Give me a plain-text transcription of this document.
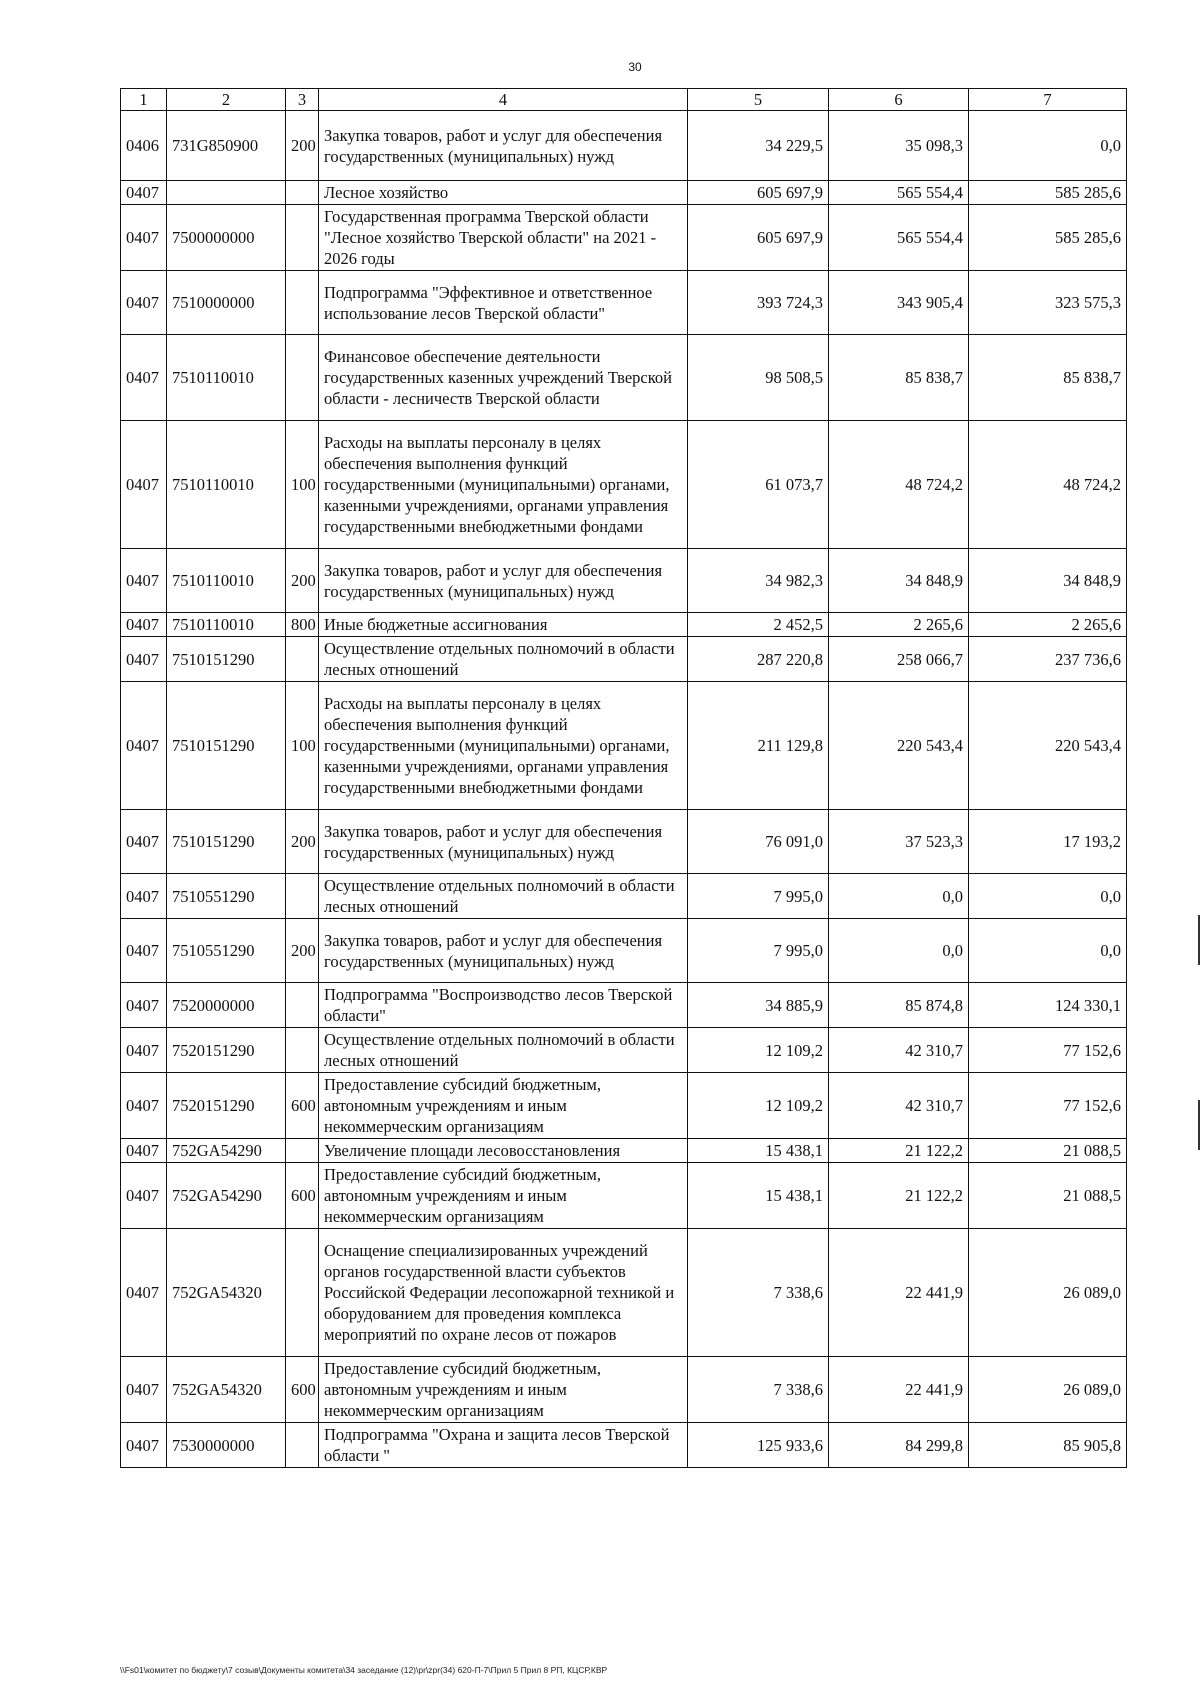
30
1	2	3	4	5	6	7
0406	731G850900	200	Закупка товаров, работ и услуг для обеспечения государственных (муниципальных) нужд	34 229,5	35 098,3	0,0
0407			Лесное хозяйство	605 697,9	565 554,4	585 285,6
0407	7500000000		Государственная программа Тверской области "Лесное хозяйство Тверской области" на 2021 - 2026 годы	605 697,9	565 554,4	585 285,6
0407	7510000000		Подпрограмма "Эффективное и ответственное использование лесов Тверской области"	393 724,3	343 905,4	323 575,3
0407	7510110010		Финансовое обеспечение деятельности государственных казенных учреждений Тверской области - лесничеств Тверской области	98 508,5	85 838,7	85 838,7
0407	7510110010	100	Расходы на выплаты персоналу в целях обеспечения выполнения функций государственными (муниципальными) органами, казенными учреждениями, органами управления государственными внебюджетными фондами	61 073,7	48 724,2	48 724,2
0407	7510110010	200	Закупка товаров, работ и услуг для обеспечения государственных (муниципальных) нужд	34 982,3	34 848,9	34 848,9
0407	7510110010	800	Иные бюджетные ассигнования	2 452,5	2 265,6	2 265,6
0407	7510151290		Осуществление отдельных полномочий в области лесных отношений	287 220,8	258 066,7	237 736,6
0407	7510151290	100	Расходы на выплаты персоналу в целях обеспечения выполнения функций государственными (муниципальными) органами, казенными учреждениями, органами управления государственными внебюджетными фондами	211 129,8	220 543,4	220 543,4
0407	7510151290	200	Закупка товаров, работ и услуг для обеспечения государственных (муниципальных) нужд	76 091,0	37 523,3	17 193,2
0407	7510551290		Осуществление отдельных полномочий в области лесных отношений	7 995,0	0,0	0,0
0407	7510551290	200	Закупка товаров, работ и услуг для обеспечения государственных (муниципальных) нужд	7 995,0	0,0	0,0
0407	7520000000		Подпрограмма "Воспроизводство лесов Тверской области"	34 885,9	85 874,8	124 330,1
0407	7520151290		Осуществление отдельных полномочий в области лесных отношений	12 109,2	42 310,7	77 152,6
0407	7520151290	600	Предоставление субсидий бюджетным, автономным учреждениям и иным некоммерческим организациям	12 109,2	42 310,7	77 152,6
0407	752GA54290		Увеличение площади лесовосстановления	15 438,1	21 122,2	21 088,5
0407	752GA54290	600	Предоставление субсидий бюджетным, автономным учреждениям и иным некоммерческим организациям	15 438,1	21 122,2	21 088,5
0407	752GA54320		Оснащение специализированных учреждений органов государственной власти субъектов Российской Федерации лесопожарной техникой и оборудованием для проведения комплекса мероприятий по охране лесов от пожаров	7 338,6	22 441,9	26 089,0
0407	752GA54320	600	Предоставление субсидий бюджетным, автономным учреждениям и иным некоммерческим организациям	7 338,6	22 441,9	26 089,0
0407	7530000000		Подпрограмма "Охрана и защита лесов Тверской области "	125 933,6	84 299,8	85 905,8
\\Fs01\комитет по бюджету\7 созыв\Документы комитета\34 заседание (12)\pr\zpr(34) 620-П-7\Прил 5 Прил 8 РП, КЦСР,КВР
